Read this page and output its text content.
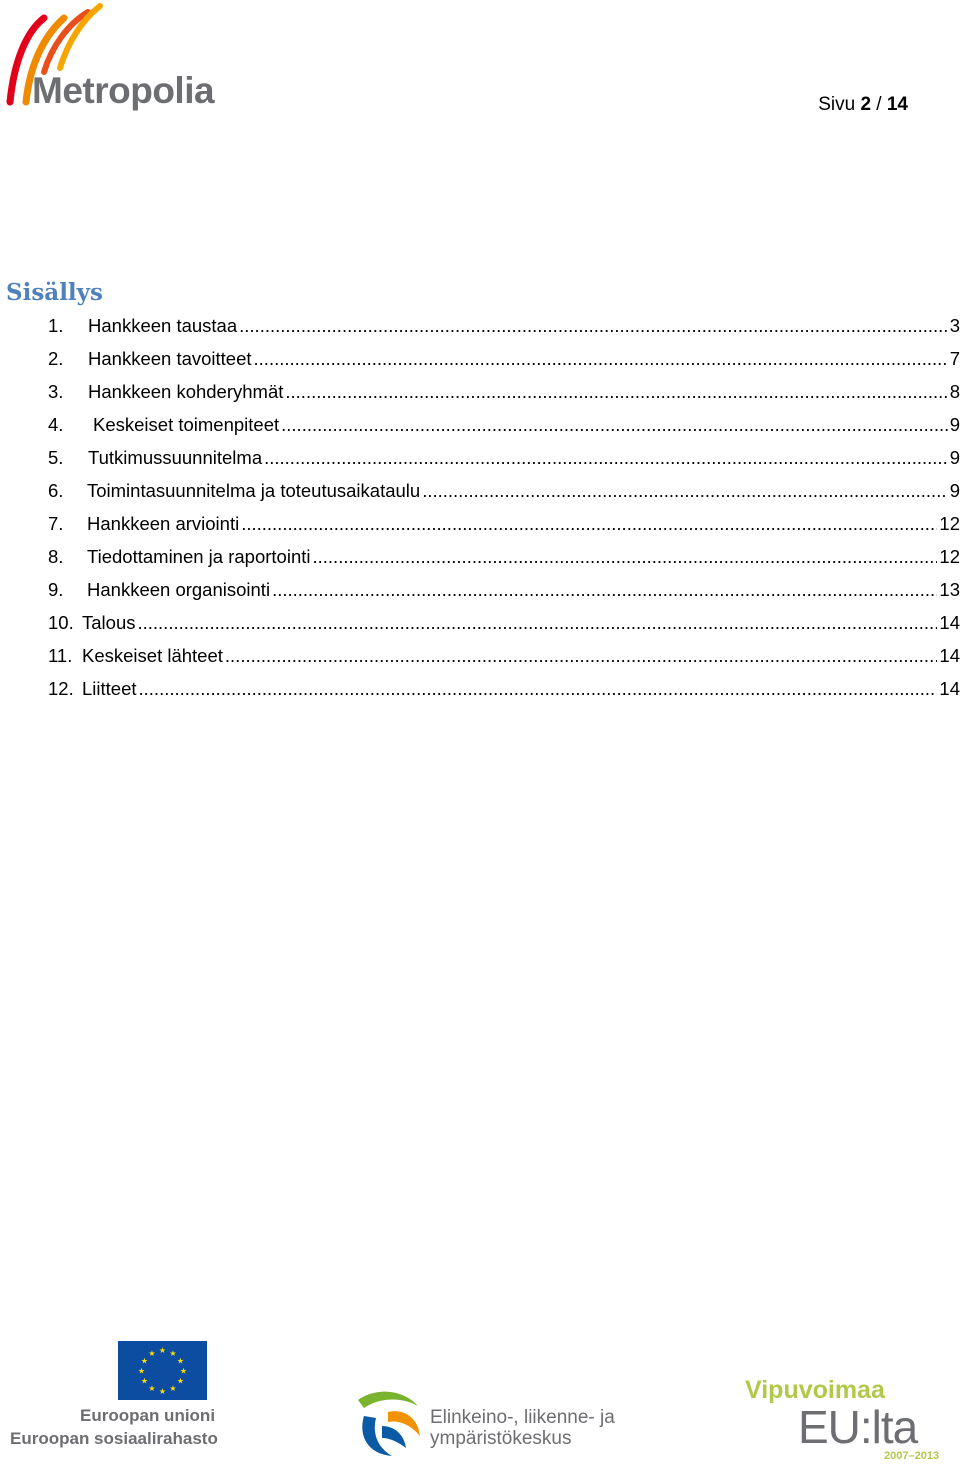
Metropolia	Sivu 2 / 14
Sisällys
1.	Hankkeen taustaa .....	3
2.	Hankkeen tavoitteet .....	7
3.	Hankkeen kohderyhmät .....	8
4.	Keskeiset toimenpiteet .....	9
5.	Tutkimussuunnitelma .....	9
6.	Toimintasuunnitelma ja toteutusaikataulu .....	9
7.	Hankkeen arviointi .....	12
8.	Tiedottaminen ja raportointi .....	12
9.	Hankkeen organisointi .....	13
10. Talous .....	14
11. Keskeiset lähteet .....	14
12. Liitteet .....	14
★ ★
★
★
★
★
★
★
★
★
★
★
Euroopan unioni
Euroopan sosiaalirahasto
Elinkeino-, liikenne- ja
ympäristökeskus
Vipuvoimaa
EU:lta
2007–2013
